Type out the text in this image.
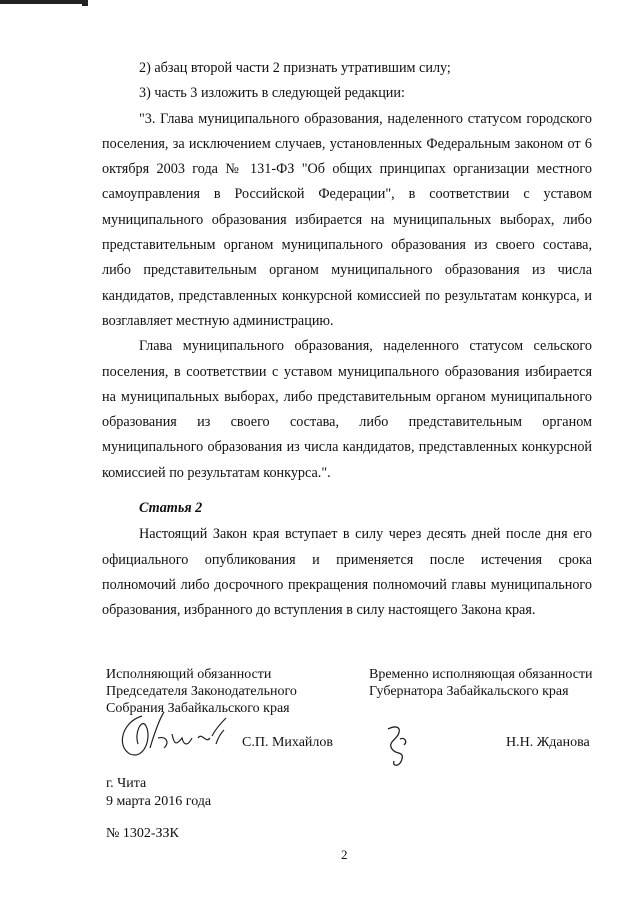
2) абзац второй части 2 признать утратившим силу;

3) часть 3 изложить в следующей редакции:

"3. Глава муниципального образования, наделенного статусом городского поселения, за исключением случаев, установленных Федеральным законом от 6 октября 2003 года № 131-ФЗ "Об общих принципах организации местного самоуправления в Российской Федерации", в соответствии с уставом муниципального образования избирается на муниципальных выборах, либо представительным органом муниципального образования из своего состава, либо представительным органом муниципального образования из числа кандидатов, представленных конкурсной комиссией по результатам конкурса, и возглавляет местную администрацию.

Глава муниципального образования, наделенного статусом сельского поселения, в соответствии с уставом муниципального образования избирается на муниципальных выборах, либо представительным органом муниципального образования из своего состава, либо представительным органом муниципального образования из числа кандидатов, представленных конкурсной комиссией по результатам конкурса.".

Статья 2

Настоящий Закон края вступает в силу через десять дней после дня его официального опубликования и применяется после истечения срока полномочий либо досрочного прекращения полномочий главы муниципального образования, избранного до вступления в силу настоящего Закона края.

Исполняющий обязанности
Председателя Законодательного
Собрания Забайкальского края
Временно исполняющая обязанности
Губернатора Забайкальского края
С.П. Михайлов	Н.Н. Жданова
г. Чита
9 марта 2016 года
№ 1302-ЗЗК
2
